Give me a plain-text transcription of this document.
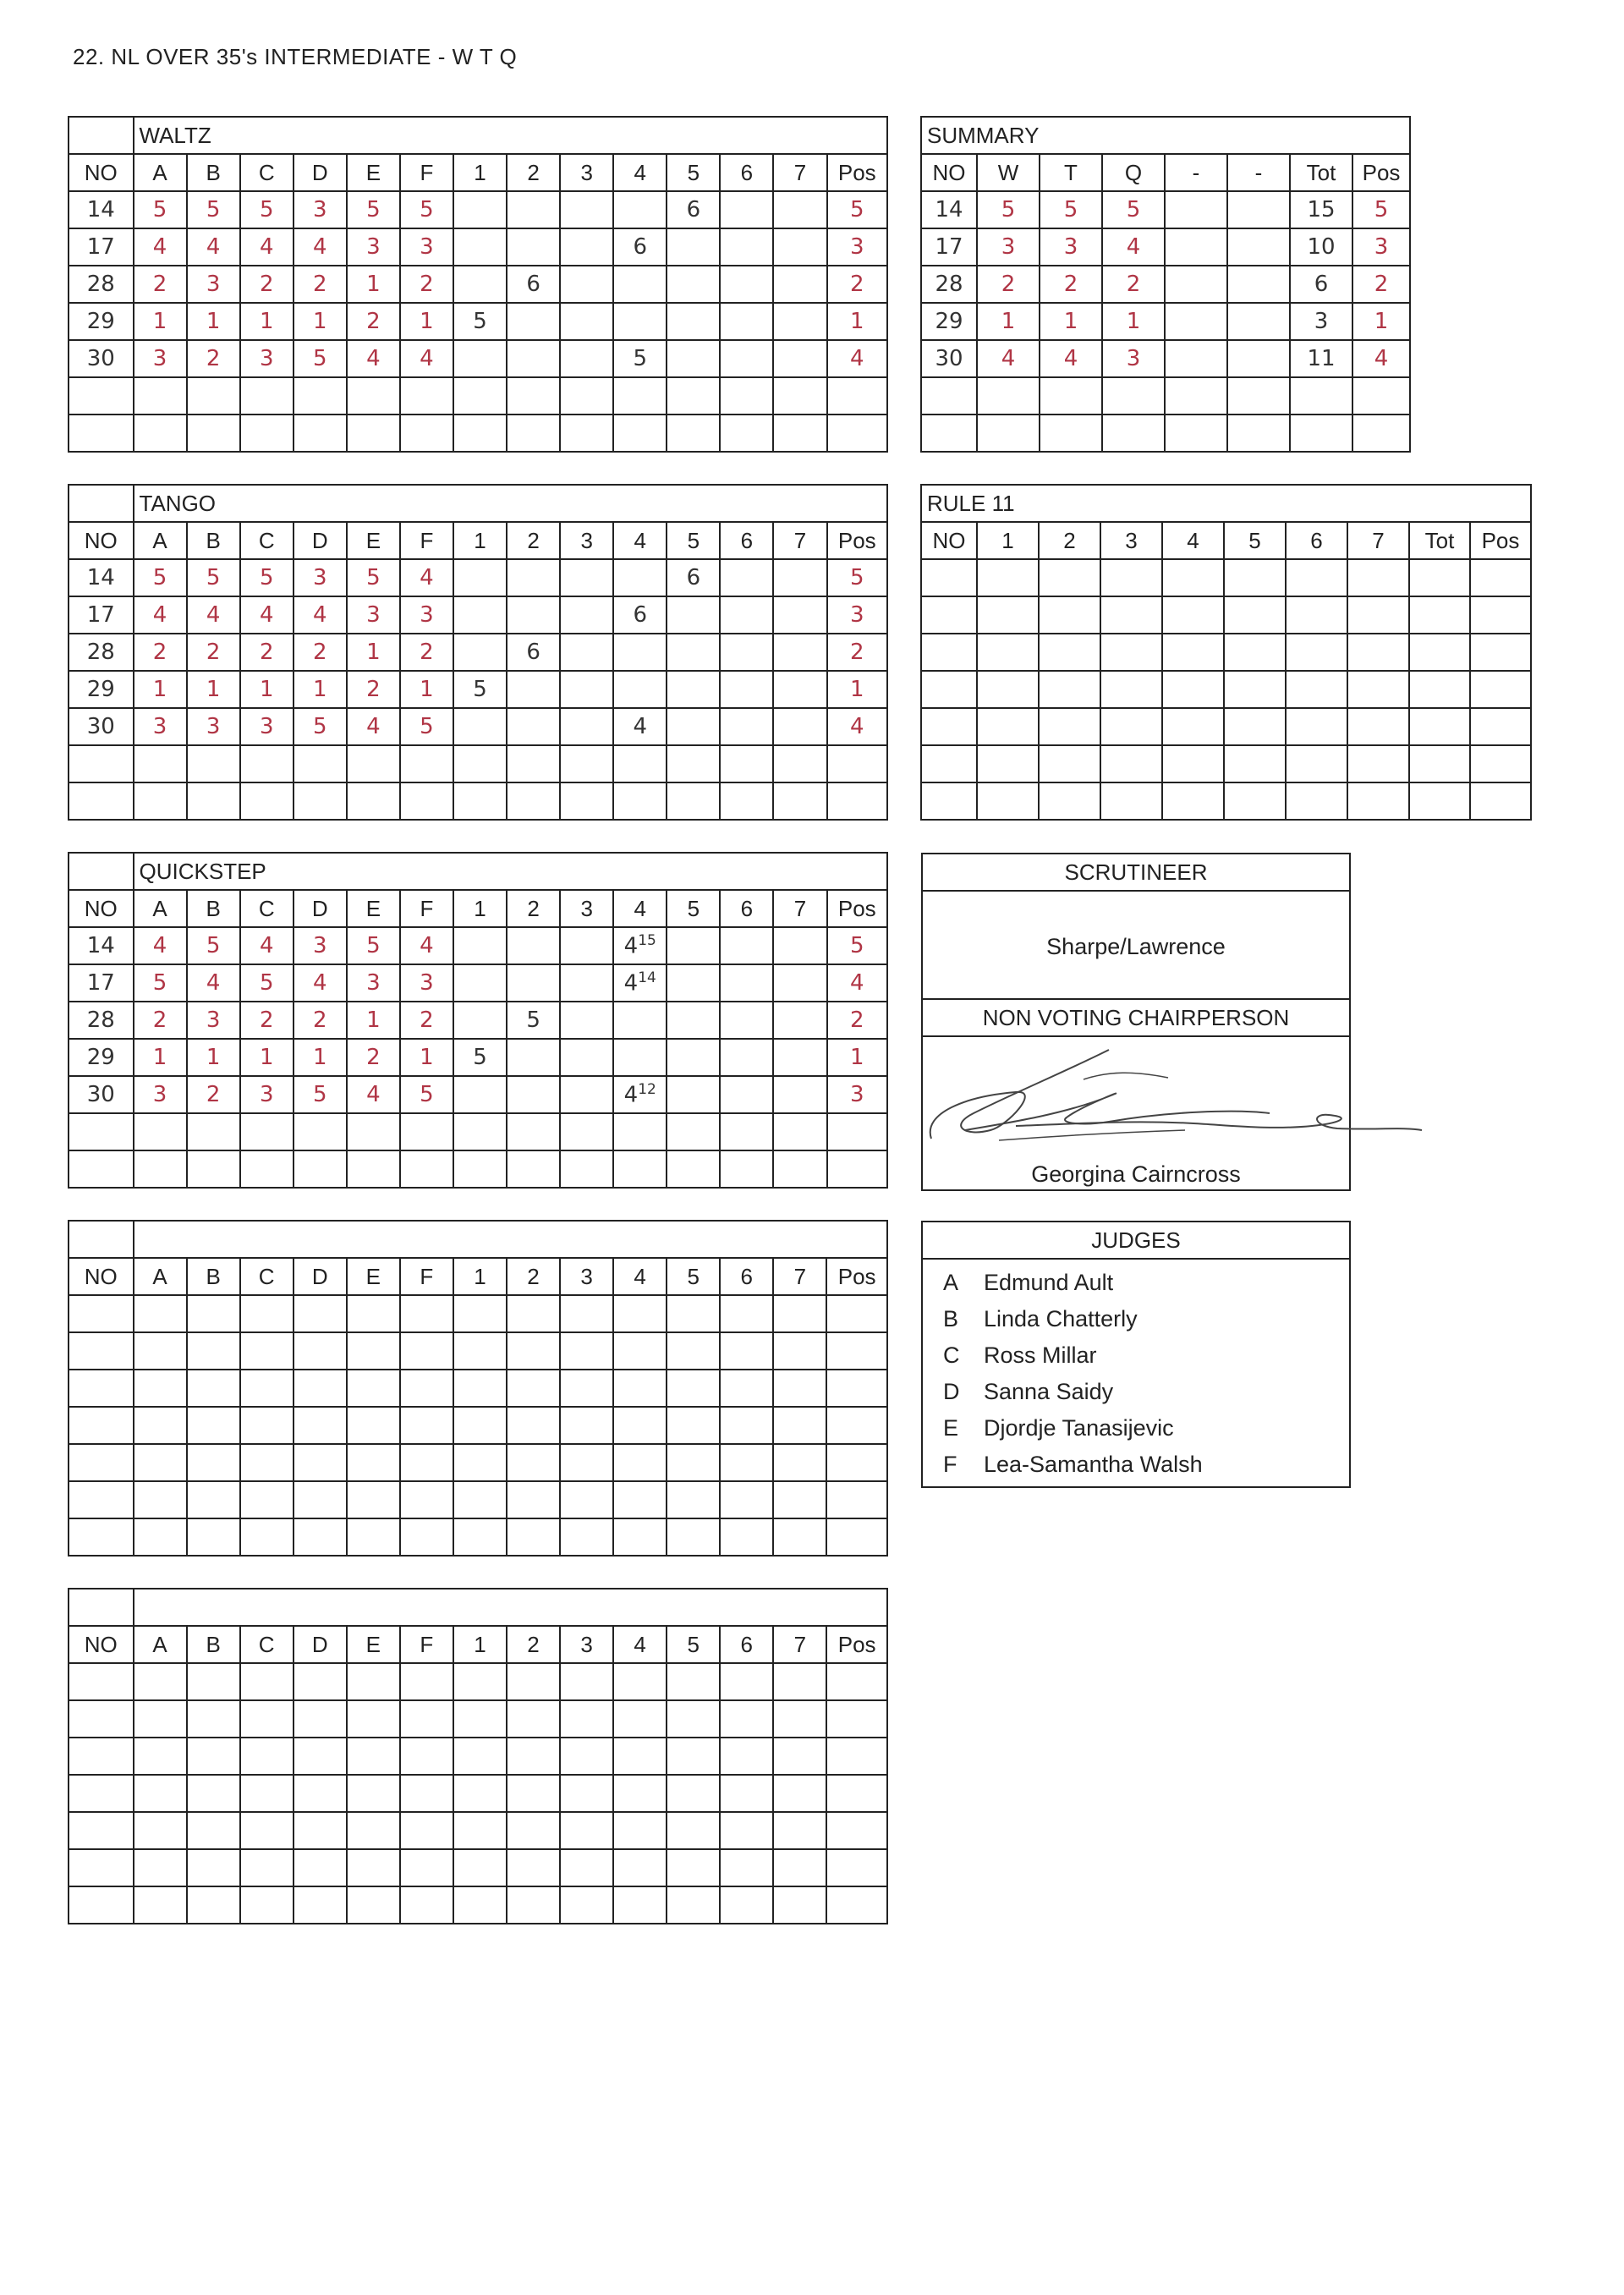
22. NL OVER 35's INTERMEDIATE - W T Q
	WALTZ													
NO	A	B	C	D	E	F	1	2	3	4	5	6	7	Pos
14	5	5	5	3	5	5					6			5
17	4	4	4	4	3	3				6				3
28	2	3	2	2	1	2		6						2
29	1	1	1	1	2	1	5							1
30	3	2	3	5	4	4				5				4

	TANGO													
NO	A	B	C	D	E	F	1	2	3	4	5	6	7	Pos
14	5	5	5	3	5	4					6			5
17	4	4	4	4	3	3				6				3
28	2	2	2	2	1	2		6						2
29	1	1	1	1	2	1	5							1
30	3	3	3	5	4	5				4				4

	QUICKSTEP													
NO	A	B	C	D	E	F	1	2	3	4	5	6	7	Pos
14	4	5	4	3	5	4				$4^{15}$				5
17	5	4	5	4	3	3				$4^{14}$				4
28	2	3	2	2	1	2		5						2
29	1	1	1	1	2	1	5							1
30	3	2	3	5	4	5				$4^{12}$				3

NO	A	B	C	D	E	F	1	2	3	4	5	6	7	Pos

NO	A	B	C	D	E	F	1	2	3	4	5	6	7	Pos

SUMMARY							
NO	W	T	Q	-	-	Tot	Pos
14	5	5	5			15	5
17	3	3	4			10	3
28	2	2	2			6	2
29	1	1	1			3	1
30	4	4	3			11	4

RULE 11									
NO	1	2	3	4	5	6	7	Tot	Pos

SCRUTINEER
Sharpe/Lawrence
NON VOTING CHAIRPERSON
Georgina Cairncross
JUDGES
A Edmund Ault
B Linda Chatterly
C Ross Millar
D Sanna Saidy
E Djordje Tanasijevic
F Lea-Samantha Walsh
